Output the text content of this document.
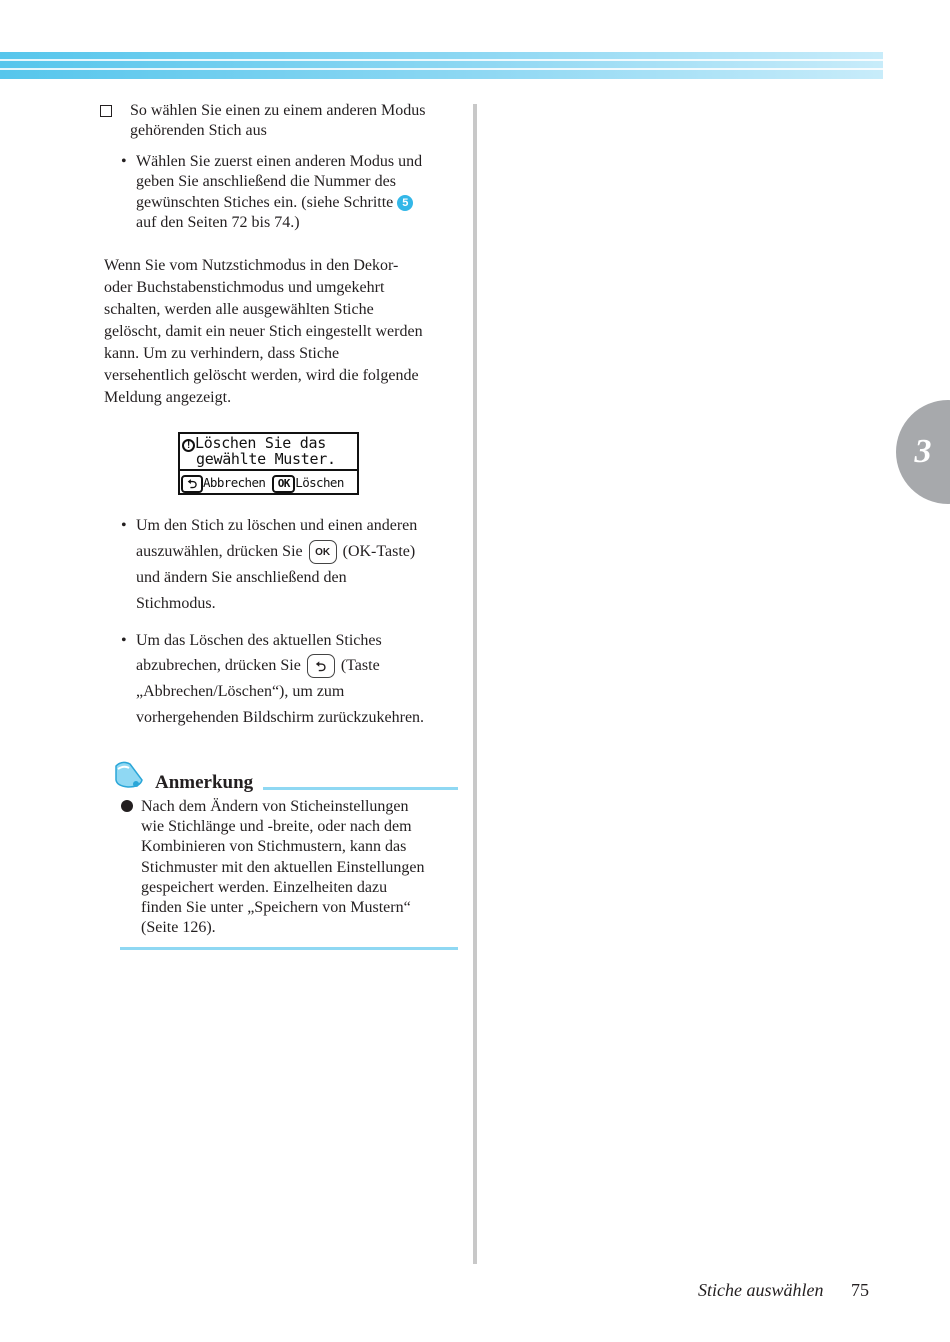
3
So wählen Sie einen zu einem anderen Modus
gehörenden Stich aus
• Wählen Sie zuerst einen anderen Modus und
geben Sie anschließend die Nummer des
gewünschten Stiches ein. (siehe Schritte 5
auf den Seiten 72 bis 74.)
Wenn Sie vom Nutzstichmodus in den Dekor-
oder Buchstabenstichmodus und umgekehrt
schalten, werden alle ausgewählten Stiche
gelöscht, damit ein neuer Stich eingestellt werden
kann. Um zu verhindern, dass Stiche
versehentlich gelöscht werden, wird die folgende
Meldung angezeigt.
! Löschen Sie das
gewählte Muster.
⮌ Abbrechen OK Löschen
• Um den Stich zu löschen und einen anderen
auszuwählen, drücken Sie OK (OK-Taste)
und ändern Sie anschließend den
Stichmodus.
• Um das Löschen des aktuellen Stiches
abzubrechen, drücken Sie ⮌ (Taste
„Abbrechen/Löschen“), um zum
vorhergehenden Bildschirm zurückzukehren.
Anmerkung
Nach dem Ändern von Sticheinstellungen
wie Stichlänge und -breite, oder nach dem
Kombinieren von Stichmustern, kann das
Stichmuster mit den aktuellen Einstellungen
gespeichert werden. Einzelheiten dazu
finden Sie unter „Speichern von Mustern“
(Seite 126).
Stiche auswählen 75
